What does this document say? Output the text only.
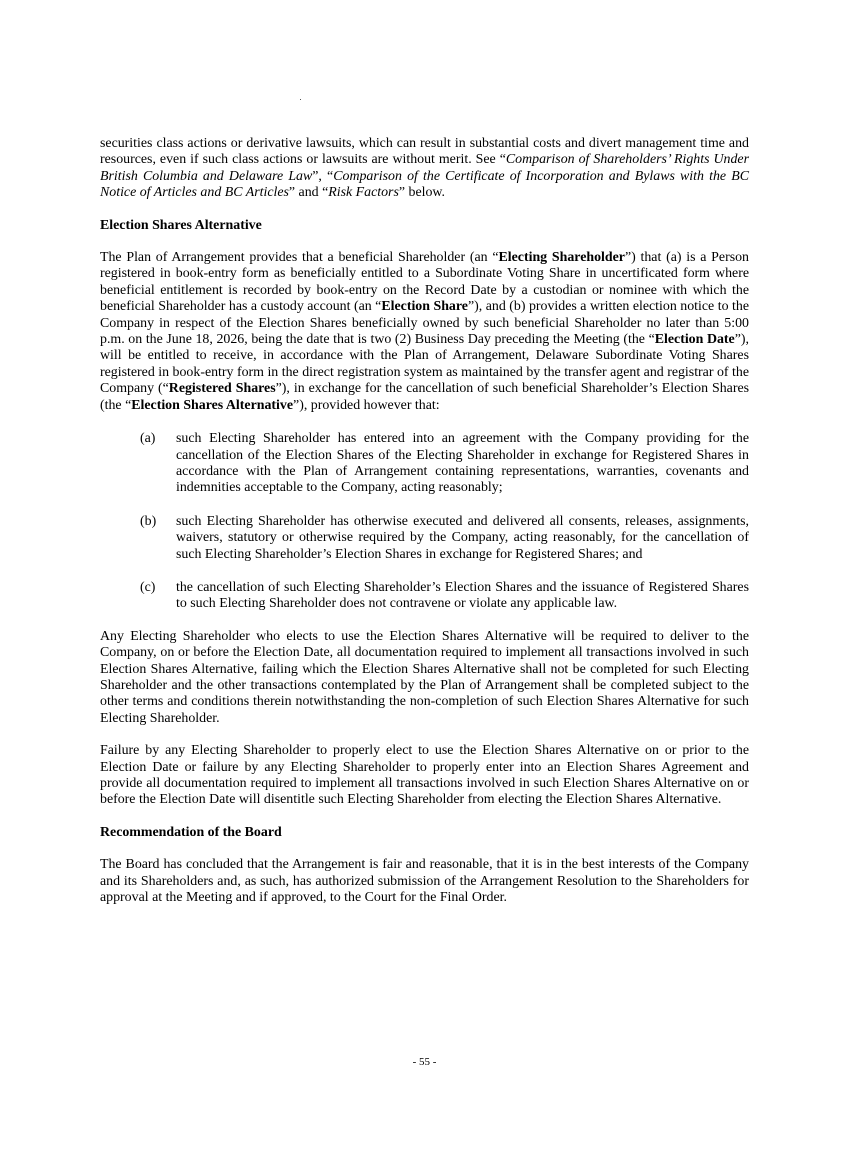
securities class actions or derivative lawsuits, which can result in substantial costs and divert management time and resources, even if such class actions or lawsuits are without merit. See “Comparison of Shareholders’ Rights Under British Columbia and Delaware Law”, “Comparison of the Certificate of Incorporation and Bylaws with the BC Notice of Articles and BC Articles” and “Risk Factors” below.

Election Shares Alternative

The Plan of Arrangement provides that a beneficial Shareholder (an “Electing Shareholder”) that (a) is a Person registered in book-entry form as beneficially entitled to a Subordinate Voting Share in uncertificated form where beneficial entitlement is recorded by book-entry on the Record Date by a custodian or nominee with which the beneficial Shareholder has a custody account (an “Election Share”), and (b) provides a written election notice to the Company in respect of the Election Shares beneficially owned by such beneficial Shareholder no later than 5:00 p.m. on the June 18, 2026, being the date that is two (2) Business Day preceding the Meeting (the “Election Date”), will be entitled to receive, in accordance with the Plan of Arrangement, Delaware Subordinate Voting Shares registered in book-entry form in the direct registration system as maintained by the transfer agent and registrar of the Company (“Registered Shares”), in exchange for the cancellation of such beneficial Shareholder’s Election Shares (the “Election Shares Alternative”), provided however that:

(a)	such Electing Shareholder has entered into an agreement with the Company providing for the cancellation of the Election Shares of the Electing Shareholder in exchange for Registered Shares in accordance with the Plan of Arrangement containing representations, warranties, covenants and indemnities acceptable to the Company, acting reasonably;
(b)	such Electing Shareholder has otherwise executed and delivered all consents, releases, assignments, waivers, statutory or otherwise required by the Company, acting reasonably, for the cancellation of such Electing Shareholder’s Election Shares in exchange for Registered Shares; and
(c)	the cancellation of such Electing Shareholder’s Election Shares and the issuance of Registered Shares to such Electing Shareholder does not contravene or violate any applicable law.

Any Electing Shareholder who elects to use the Election Shares Alternative will be required to deliver to the Company, on or before the Election Date, all documentation required to implement all transactions involved in such Election Shares Alternative, failing which the Election Shares Alternative shall not be completed for such Electing Shareholder and the other transactions contemplated by the Plan of Arrangement shall be completed subject to the other terms and conditions therein notwithstanding the non-completion of such Election Shares Alternative for such Electing Shareholder.

Failure by any Electing Shareholder to properly elect to use the Election Shares Alternative on or prior to the Election Date or failure by any Electing Shareholder to properly enter into an Election Shares Agreement and provide all documentation required to implement all transactions involved in such Election Shares Alternative on or before the Election Date will disentitle such Electing Shareholder from electing the Election Shares Alternative.

Recommendation of the Board

The Board has concluded that the Arrangement is fair and reasonable, that it is in the best interests of the Company and its Shareholders and, as such, has authorized submission of the Arrangement Resolution to the Shareholders for approval at the Meeting and if approved, to the Court for the Final Order.

- 55 -
